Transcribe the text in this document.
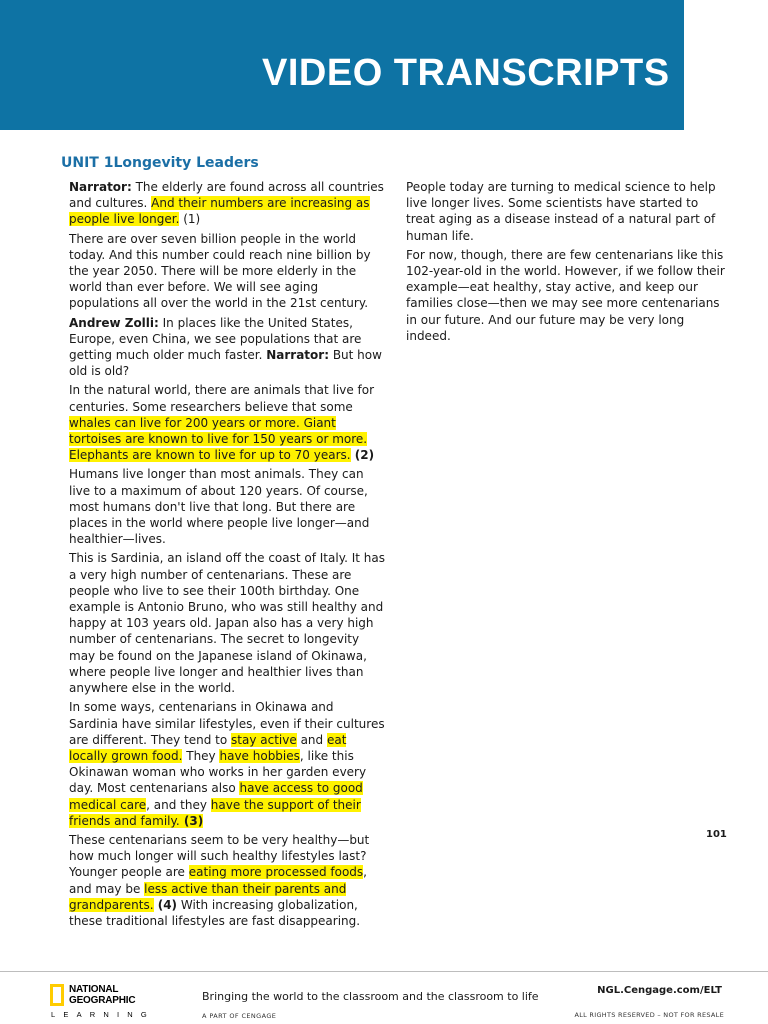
VIDEO TRANSCRIPTS
UNIT 1Longevity Leaders

Narrator: The elderly are found across all countries and cultures. And their numbers are increasing as people live longer. (1)

There are over seven billion people in the world today. And this number could reach nine billion by the year 2050. There will be more elderly in the world than ever before. We will see aging populations all over the world in the 21st century.

Andrew Zolli: In places like the United States, Europe, even China, we see populations that are getting much older much faster. Narrator: But how old is old?

In the natural world, there are animals that live for centuries. Some researchers believe that some whales can live for 200 years or more. Giant tortoises are known to live for 150 years or more. Elephants are known to live for up to 70 years. (2)

Humans live longer than most animals. They can live to a maximum of about 120 years. Of course, most humans don't live that long. But there are places in the world where people live longer—and healthier—lives.

This is Sardinia, an island off the coast of Italy. It has a very high number of centenarians. These are people who live to see their 100th birthday. One example is Antonio Bruno, who was still healthy and happy at 103 years old. Japan also has a very high number of centenarians. The secret to longevity may be found on the Japanese island of Okinawa, where people live longer and healthier lives than anywhere else in the world.

In some ways, centenarians in Okinawa and Sardinia have similar lifestyles, even if their cultures are different. They tend to stay active and eat locally grown food. They have hobbies, like this Okinawan woman who works in her garden every day. Most centenarians also have access to good medical care, and they have the support of their friends and family. (3)

These centenarians seem to be very healthy—but how much longer will such healthy lifestyles last? Younger people are eating more processed foods, and may be less active than their parents and grandparents. (4) With increasing globalization, these traditional lifestyles are fast disappearing.

People today are turning to medical science to help live longer lives. Some scientists have started to treat aging as a disease instead of a natural part of human life.

For now, though, there are few centenarians like this 102-year-old in the world. However, if we follow their example—eat healthy, stay active, and keep our families close—then we may see more centenarians in our future. And our future may be very long indeed.

101
NATIONAL
GEOGRAPHIC
LEARNING
Bringing the world to the classroom and the classroom to life
A PART OF CENGAGE
NGL.Cengage.com/ELT
ALL RIGHTS RESERVED – NOT FOR RESALE
